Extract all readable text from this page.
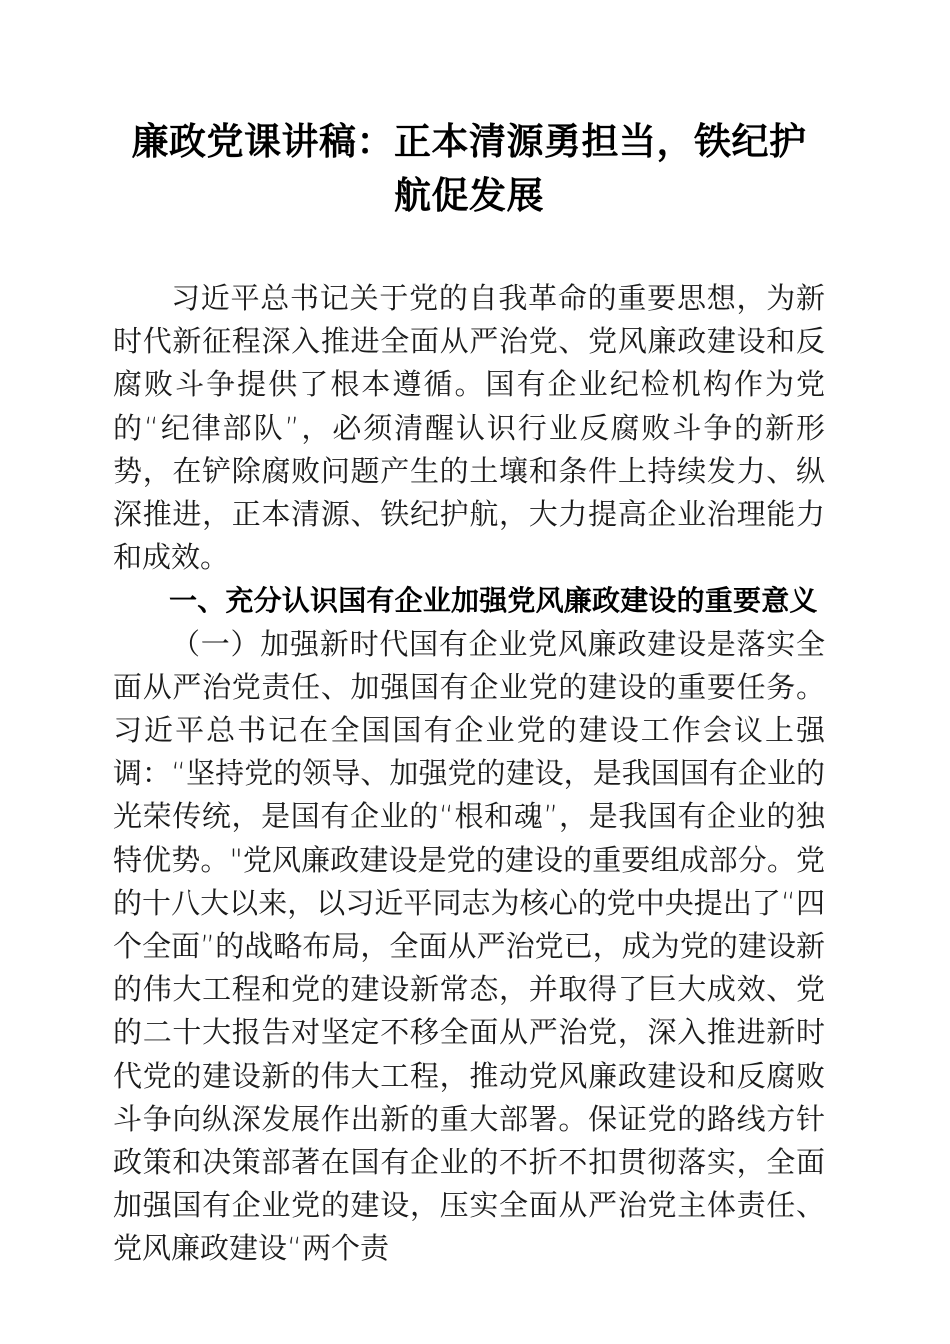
廉政党课讲稿：正本清源勇担当，铁纪护航促发展

习近平总书记关于党的自我革命的重要思想，为新时代新征程深入推进全面从严治党、党风廉政建设和反腐败斗争提供了根本遵循。国有企业纪检机构作为党的“纪律部队”，必须清醒认识行业反腐败斗争的新形势，在铲除腐败问题产生的土壤和条件上持续发力、纵深推进，正本清源、铁纪护航，大力提高企业治理能力和成效。

一、充分认识国有企业加强党风廉政建设的重要意义

（一）加强新时代国有企业党风廉政建设是落实全面从严治党责任、加强国有企业党的建设的重要任务。习近平总书记在全国国有企业党的建设工作会议上强调：“坚持党的领导、加强党的建设，是我国国有企业的光荣传统，是国有企业的“根和魂”，是我国有企业的独特优势。"党风廉政建设是党的建设的重要组成部分。党的十八大以来，以习近平同志为核心的党中央提出了“四个全面”的战略布局，全面从严治党已，成为党的建设新的伟大工程和党的建设新常态，并取得了巨大成效、党的二十大报告对坚定不移全面从严治党，深入推进新时代党的建设新的伟大工程，推动党风廉政建设和反腐败斗争向纵深发展作出新的重大部署。保证党的路线方针政策和决策部著在国有企业的不折不扣贯彻落实，全面加强国有企业党的建设，压实全面从严治党主体责任、党风廉政建设“两个责
